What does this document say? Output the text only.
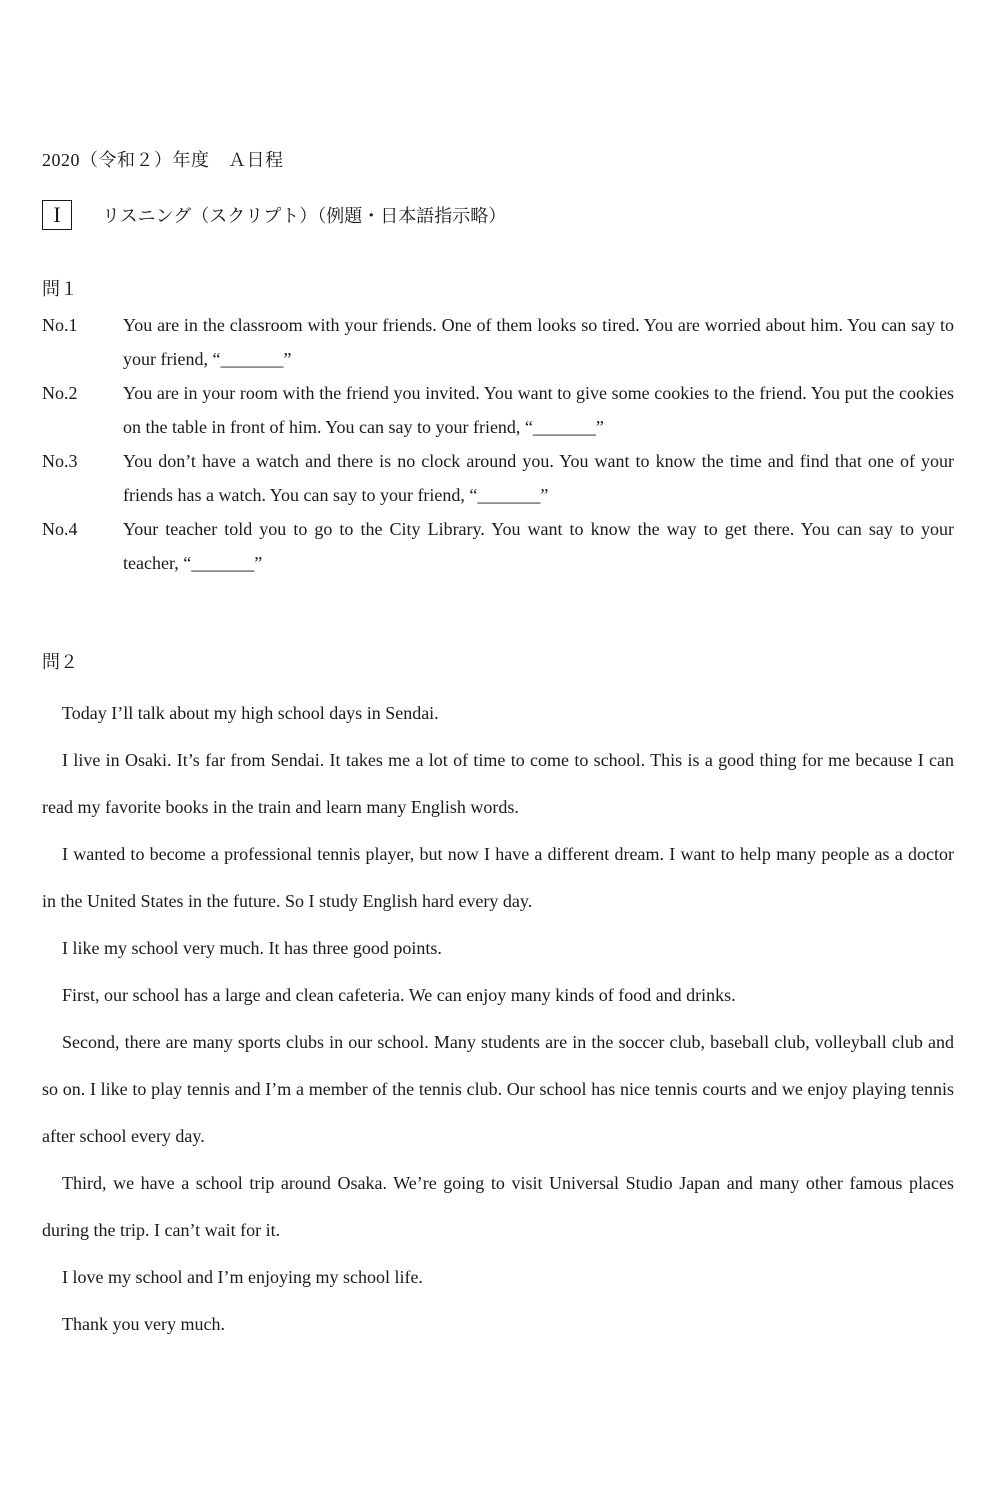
2020（令和２）年度　Ａ日程
I	リスニング（スクリプト）（例題・日本語指示略）
問１
No.1	You are in the classroom with your friends. One of them looks so tired. You are worried about him. You can say to your friend, “_______”
No.2	You are in your room with the friend you invited. You want to give some cookies to the friend. You put the cookies on the table in front of him. You can say to your friend, “_______”
No.3	You don’t have a watch and there is no clock around you. You want to know the time and find that one of your friends has a watch. You can say to your friend, “_______”
No.4	Your teacher told you to go to the City Library. You want to know the way to get there. You can say to your teacher, “_______”
問２

Today I’ll talk about my high school days in Sendai.

I live in Osaki. It’s far from Sendai. It takes me a lot of time to come to school. This is a good thing for me because I can read my favorite books in the train and learn many English words.

I wanted to become a professional tennis player, but now I have a different dream. I want to help many people as a doctor in the United States in the future. So I study English hard every day.

I like my school very much. It has three good points.

First, our school has a large and clean cafeteria. We can enjoy many kinds of food and drinks.

Second, there are many sports clubs in our school. Many students are in the soccer club, baseball club, volleyball club and so on. I like to play tennis and I’m a member of the tennis club. Our school has nice tennis courts and we enjoy playing tennis after school every day.

Third, we have a school trip around Osaka. We’re going to visit Universal Studio Japan and many other famous places during the trip. I can’t wait for it.

I love my school and I’m enjoying my school life.

Thank you very much.
